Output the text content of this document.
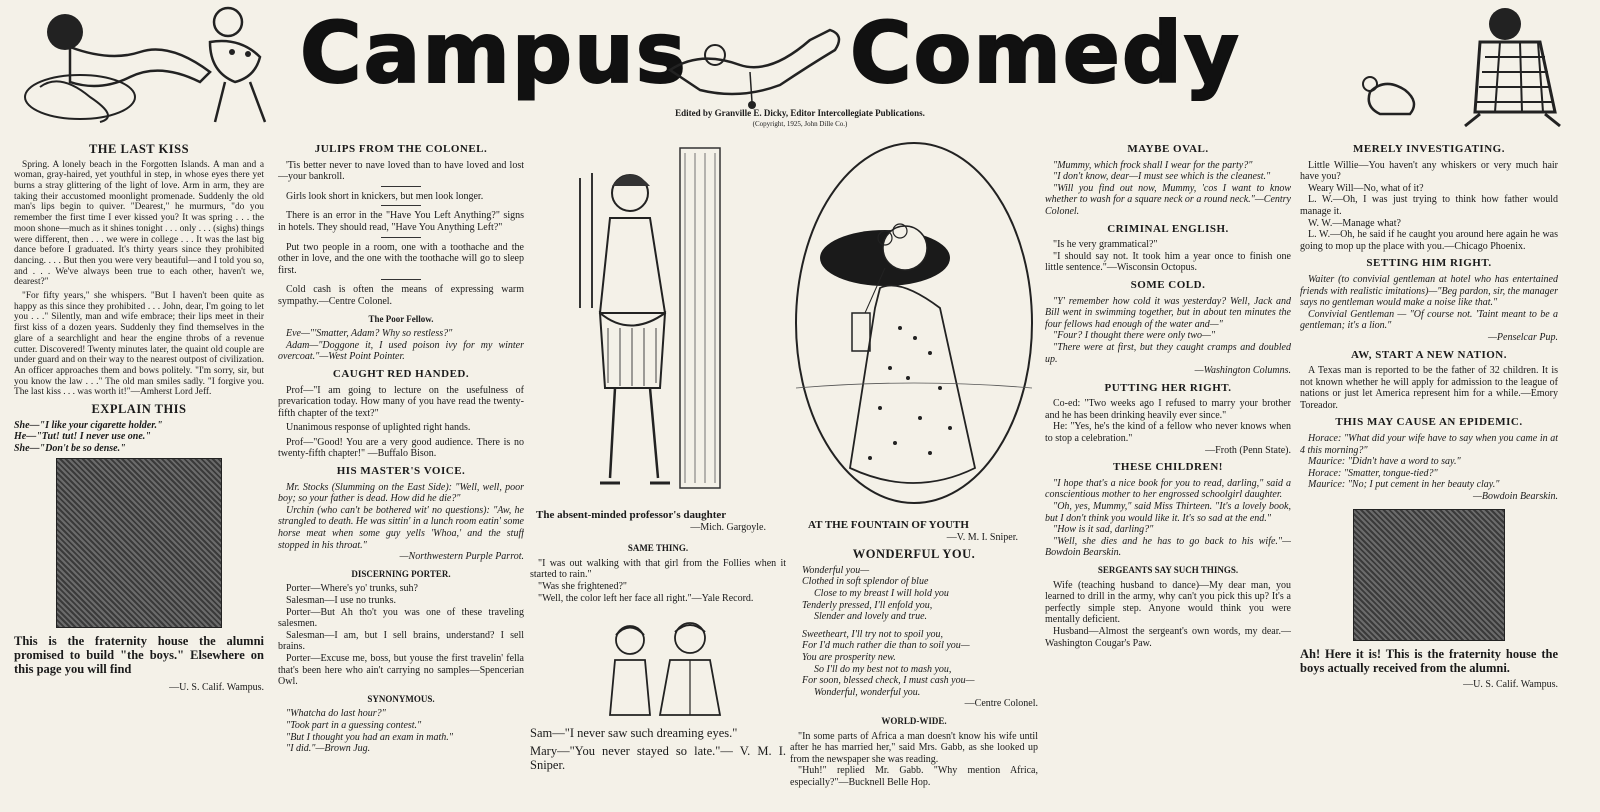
Campus Comedy
Edited by Granville E. Dicky, Editor Intercollegiate Publications.
(Copyright, 1925, John Dille Co.)
THE LAST KISS

Spring. A lonely beach in the Forgotten Islands. A man and a woman, gray-haired, yet youthful in step, in whose eyes there yet burns a stray glittering of the light of love. Arm in arm, they are taking their accustomed moonlight promenade. Suddenly the old man's lips begin to quiver. "Dearest," he murmurs, "do you remember the first time I ever kissed you? It was spring . . . the moon shone—much as it shines tonight . . . only . . . (sighs) things were different, then . . . we were in college . . . It was the last big dance before I graduated. It's thirty years since they prohibited dancing. . . . But then you were very beautiful—and I told you so, and . . . We've always been true to each other, haven't we, dearest?"

"For fifty years," she whispers. "But I haven't been quite as happy as this since they prohibited . . . John, dear, I'm going to let you . . ." Silently, man and wife embrace; their lips meet in their first kiss of a dozen years. Suddenly they find themselves in the glare of a searchlight and hear the engine throbs of a revenue cutter. Discovered! Twenty minutes later, the quaint old couple are under guard and on their way to the nearest outpost of civilization. An officer approaches them and bows politely. "I'm sorry, sir, but you know the law . . ." The old man smiles sadly. "I forgive you. The last kiss . . . was worth it!"—Amherst Lord Jeff.

EXPLAIN THIS

She—"I like your cigarette holder."

He—"Tut! tut! I never use one."

She—"Don't be so dense."

This is the fraternity house the alumni promised to build "the boys." Elsewhere on this page you will find

—U. S. Calif. Wampus.

JULIPS FROM THE COLONEL.

'Tis better never to nave loved than to have loved and lost—your bankroll.

Girls look short in knickers, but men look longer.

There is an error in the "Have You Left Anything?" signs in hotels. They should read, "Have You Anything Left?"

Put two people in a room, one with a toothache and the other in love, and the one with the toothache will go to sleep first.

Cold cash is often the means of expressing warm sympathy.—Centre Colonel.

The Poor Fellow.

Eve—"'Smatter, Adam? Why so restless?"

Adam—"Doggone it, I used poison ivy for my winter overcoat."—West Point Pointer.

CAUGHT RED HANDED.

Prof—"I am going to lecture on the usefulness of prevarication today. How many of you have read the twenty-fifth chapter of the text?"

Unanimous response of uplighted right hands.

Prof—"Good! You are a very good audience. There is no twenty-fifth chapter!" —Buffalo Bison.

HIS MASTER'S VOICE.

Mr. Stocks (Slumming on the East Side): "Well, well, poor boy; so your father is dead. How did he die?"

Urchin (who can't be bothered wit' no questions): "Aw, he strangled to death. He was sittin' in a lunch room eatin' some horse meat when some guy yells 'Whoa,' and the stuff stopped in his throat."

—Northwestern Purple Parrot.

DISCERNING PORTER.

Porter—Where's yo' trunks, suh?

Salesman—I use no trunks.

Porter—But Ah tho't you was one of these traveling salesmen.

Salesman—I am, but I sell brains, understand? I sell brains.

Porter—Excuse me, boss, but youse the first travelin' fella that's been here who ain't carrying no samples—Spencerian Owl.

SYNONYMOUS.

"Whatcha do last hour?"

"Took part in a guessing contest."

"But I thought you had an exam in math."

"I did."—Brown Jug.

The absent-minded professor's daughter

—Mich. Gargoyle.

SAME THING.

"I was out walking with that girl from the Follies when it started to rain."

"Was she frightened?"

"Well, the color left her face all right."—Yale Record.

Sam—"I never saw such dreaming eyes."

Mary—"You never stayed so late."— V. M. I. Sniper.

AT THE FOUNTAIN OF YOUTH

—V. M. I. Sniper.

WONDERFUL YOU.

Wonderful you—

Clothed in soft splendor of blue

Close to my breast I will hold you

Tenderly pressed, I'll enfold you,

Slender and lovely and true.

Sweetheart, I'll try not to spoil you,

For I'd much rather die than to soil you—

You are prosperity new.

So I'll do my best not to mash you,

For soon, blessed check, I must cash you—

Wonderful, wonderful you.

—Centre Colonel.

WORLD-WIDE.

"In some parts of Africa a man doesn't know his wife until after he has married her," said Mrs. Gabb, as she looked up from the newspaper she was reading.

"Huh!" replied Mr. Gabb. "Why mention Africa, especially?"—Bucknell Belle Hop.

MAYBE OVAL.

"Mummy, which frock shall I wear for the party?"

"I don't know, dear—I must see which is the cleanest."

"Will you find out now, Mummy, 'cos I want to know whether to wash for a square neck or a round neck."—Centry Colonel.

CRIMINAL ENGLISH.

"Is he very grammatical?"

"I should say not. It took him a year once to finish one little sentence."—Wisconsin Octopus.

SOME COLD.

"Y' remember how cold it was yesterday? Well, Jack and Bill went in swimming together, but in about ten minutes the four fellows had enough of the water and—"

"Four? I thought there were only two—"

"There were at first, but they caught cramps and doubled up.

—Washington Columns.

PUTTING HER RIGHT.

Co-ed: "Two weeks ago I refused to marry your brother and he has been drinking heavily ever since."

He: "Yes, he's the kind of a fellow who never knows when to stop a celebration."

—Froth (Penn State).

THESE CHILDREN!

"I hope that's a nice book for you to read, darling," said a conscientious mother to her engrossed schoolgirl daughter.

"Oh, yes, Mummy," said Miss Thirteen. "It's a lovely book, but I don't think you would like it. It's so sad at the end."

"How is it sad, darling?"

"Well, she dies and he has to go back to his wife."—Bowdoin Bearskin.

SERGEANTS SAY SUCH THINGS.

Wife (teaching husband to dance)—My dear man, you learned to drill in the army, why can't you pick this up? It's a perfectly simple step. Anyone would think you were mentally deficient.

Husband—Almost the sergeant's own words, my dear.—Washington Cougar's Paw.

MERELY INVESTIGATING.

Little Willie—You haven't any whiskers or very much hair have you?

Weary Will—No, what of it?

L. W.—Oh, I was just trying to think how father would manage it.

W. W.—Manage what?

L. W.—Oh, he said if he caught you around here again he was going to mop up the place with you.—Chicago Phoenix.

SETTING HIM RIGHT.

Waiter (to convivial gentleman at hotel who has entertained friends with realistic imitations)—"Beg pardon, sir, the manager says no gentleman would make a noise like that."

Convivial Gentleman — "Of course not. 'Taint meant to be a gentleman; it's a lion."

—Penselcar Pup.

AW, START A NEW NATION.

A Texas man is reported to be the father of 32 children. It is not known whether he will apply for admission to the league of nations or just let America represent him for a while.—Emory Toreador.

THIS MAY CAUSE AN EPIDEMIC.

Horace: "What did your wife have to say when you came in at 4 this morning?"

Maurice: "Didn't have a word to say."

Horace: "Smatter, tongue-tied?"

Maurice: "No; I put cement in her beauty clay."

—Bowdoin Bearskin.

Ah! Here it is! This is the fraternity house the boys actually received from the alumni.

—U. S. Calif. Wampus.
